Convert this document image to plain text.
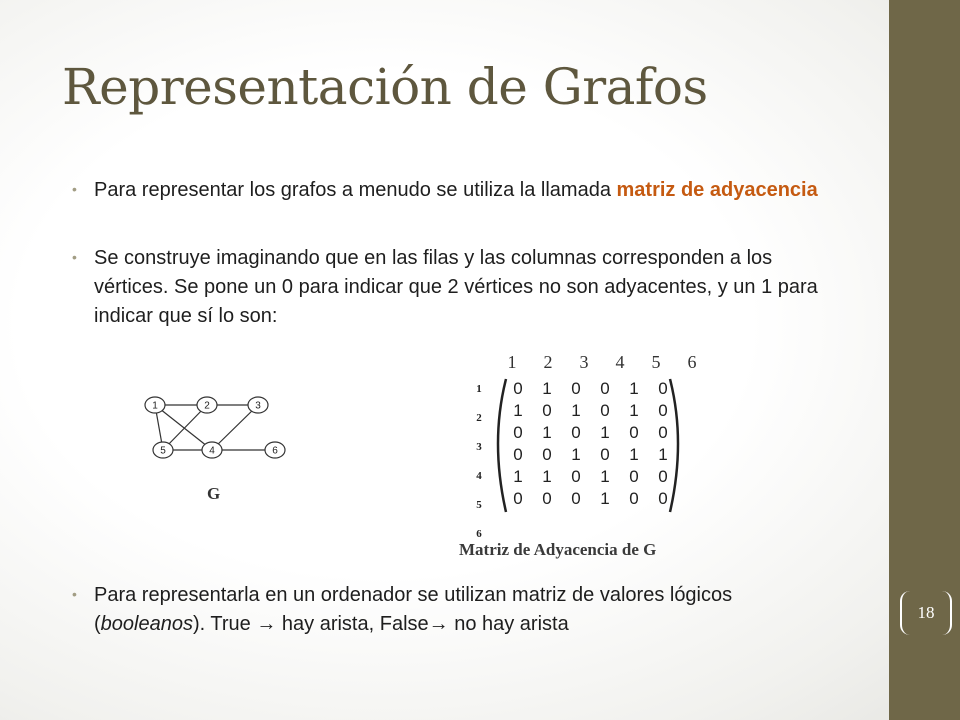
18
Representación de Grafos
• Para representar los grafos a menudo se utiliza la llamada matriz de adyacencia
• Se construye imaginando que en las filas y las columnas corresponden a los vértices. Se pone un 0 para indicar que 2 vértices no son adyacentes, y un 1 para indicar que sí lo son:
• Para representarla en un ordenador se utilizan matriz de valores lógicos (booleanos). True → hay arista, False→ no hay arista
1	2	3
5	4	6
G
1	2	3	4	5	6
1
2
3
4
5
6
0 1 0 0 1 0
1 0 1 0 1 0
0 1 0 1 0 0
0 0 1 0 1 1
1 1 0 1 0 0
0 0 0 1 0 0
Matriz de Adyacencia de G
